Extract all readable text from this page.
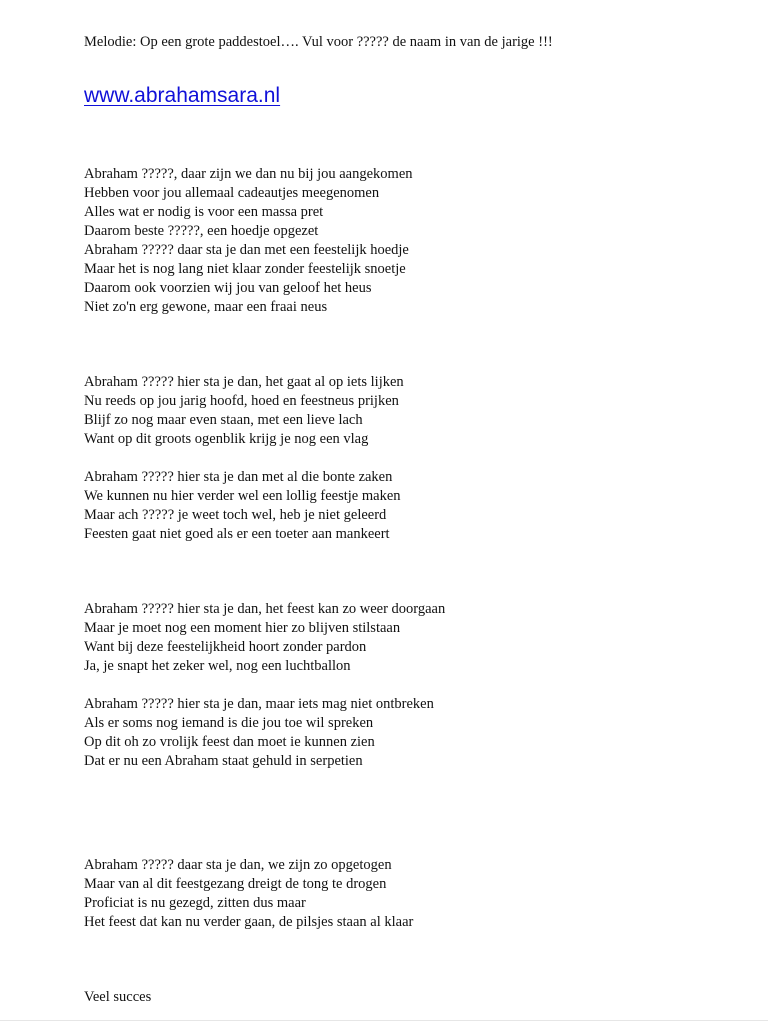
Melodie: Op een grote paddestoel…. Vul voor ????? de naam in van de jarige !!!
www.abrahamsara.nl
Abraham ?????, daar zijn we dan nu bij jou aangekomen
Hebben voor jou allemaal cadeautjes meegenomen
Alles wat er nodig is voor een massa pret
Daarom beste ?????, een hoedje opgezet
Abraham ????? daar sta je dan met een feestelijk hoedje
Maar het is nog lang niet klaar zonder feestelijk snoetje
Daarom ook voorzien wij jou van geloof het heus
Niet zo'n erg gewone, maar een fraai neus
Abraham ????? hier sta je dan, het gaat al op iets lijken
Nu reeds op jou jarig hoofd, hoed en feestneus prijken
Blijf zo nog maar even staan, met een lieve lach
Want op dit groots ogenblik krijg je nog een vlag
Abraham ????? hier sta je dan met al die bonte zaken
We kunnen nu hier verder wel een lollig feestje maken
Maar ach ????? je weet toch wel, heb je niet geleerd
Feesten gaat niet goed als er een toeter aan mankeert
Abraham ????? hier sta je dan, het feest kan zo weer doorgaan
Maar je moet nog een moment hier zo blijven stilstaan
Want bij deze feestelijkheid hoort zonder pardon
Ja, je snapt het zeker wel, nog een luchtballon
Abraham ????? hier sta je dan, maar iets mag niet ontbreken
Als er soms nog iemand is die jou toe wil spreken
Op dit oh zo vrolijk feest dan moet ie kunnen zien
Dat er nu een Abraham staat gehuld in serpetien
Abraham ????? daar sta je dan, we zijn zo opgetogen
Maar van al dit feestgezang dreigt de tong te drogen
Proficiat is nu gezegd, zitten dus maar
Het feest dat kan nu verder gaan, de pilsjes staan al klaar
Veel succes
